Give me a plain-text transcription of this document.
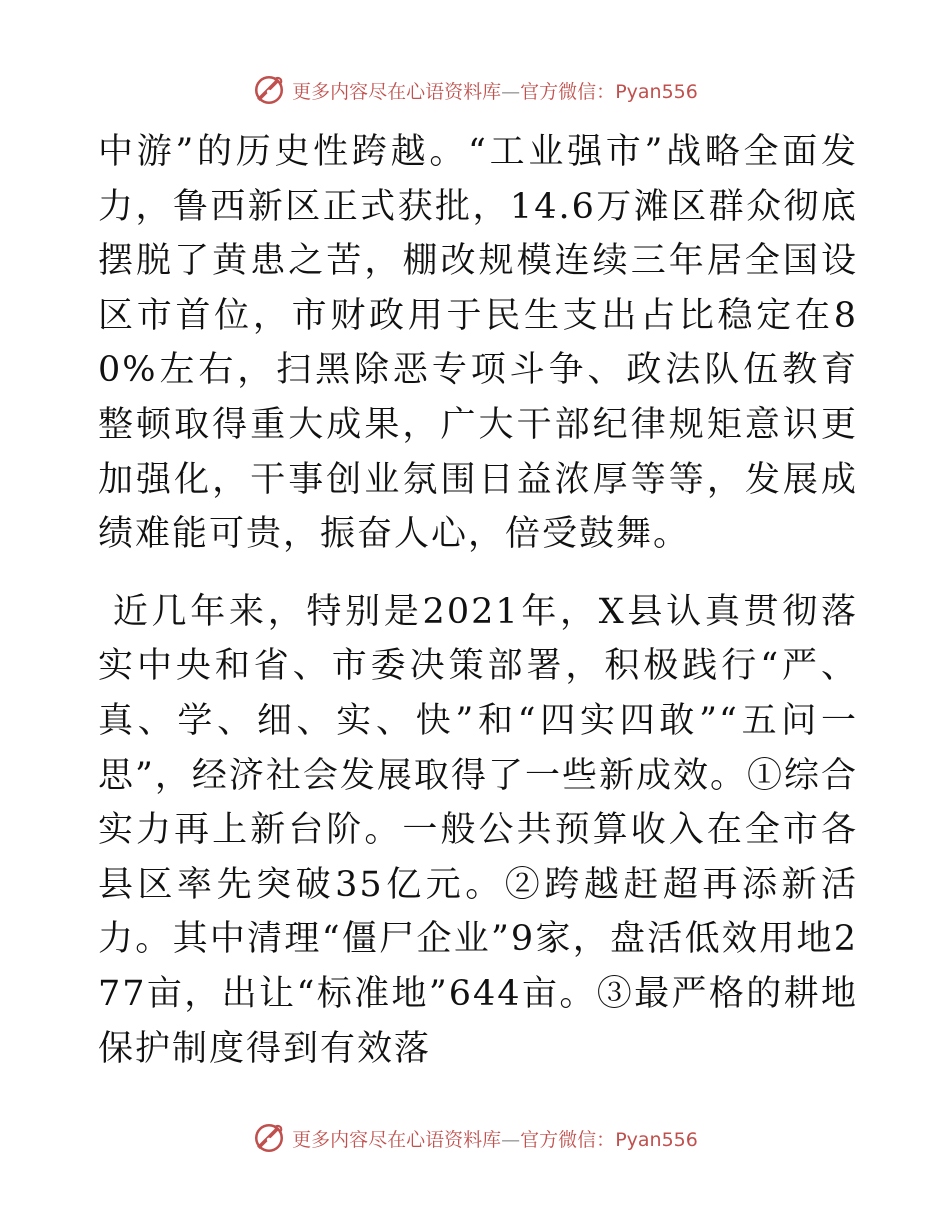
更多内容尽在心语资料库—官方微信：Pyan556

中游”的历史性跨越。“工业强市”战略全面发力，鲁西新区正式获批，14.6万滩区群众彻底摆脱了黄患之苦，棚改规模连续三年居全国设区市首位，市财政用于民生支出占比稳定在80%左右，扫黑除恶专项斗争、政法队伍教育整顿取得重大成果，广大干部纪律规矩意识更加强化，干事创业氛围日益浓厚等等，发展成绩难能可贵，振奋人心，倍受鼓舞。

近几年来，特别是2021年，X县认真贯彻落实中央和省、市委决策部署，积极践行“严、真、学、细、实、快”和“四实四敢”“五问一思”，经济社会发展取得了一些新成效。①综合实力再上新台阶。一般公共预算收入在全市各县区率先突破35亿元。②跨越赶超再添新活力。其中清理“僵尸企业”9家，盘活低效用地277亩，出让“标准地”644亩。③最严格的耕地保护制度得到有效落

更多内容尽在心语资料库—官方微信：Pyan556
